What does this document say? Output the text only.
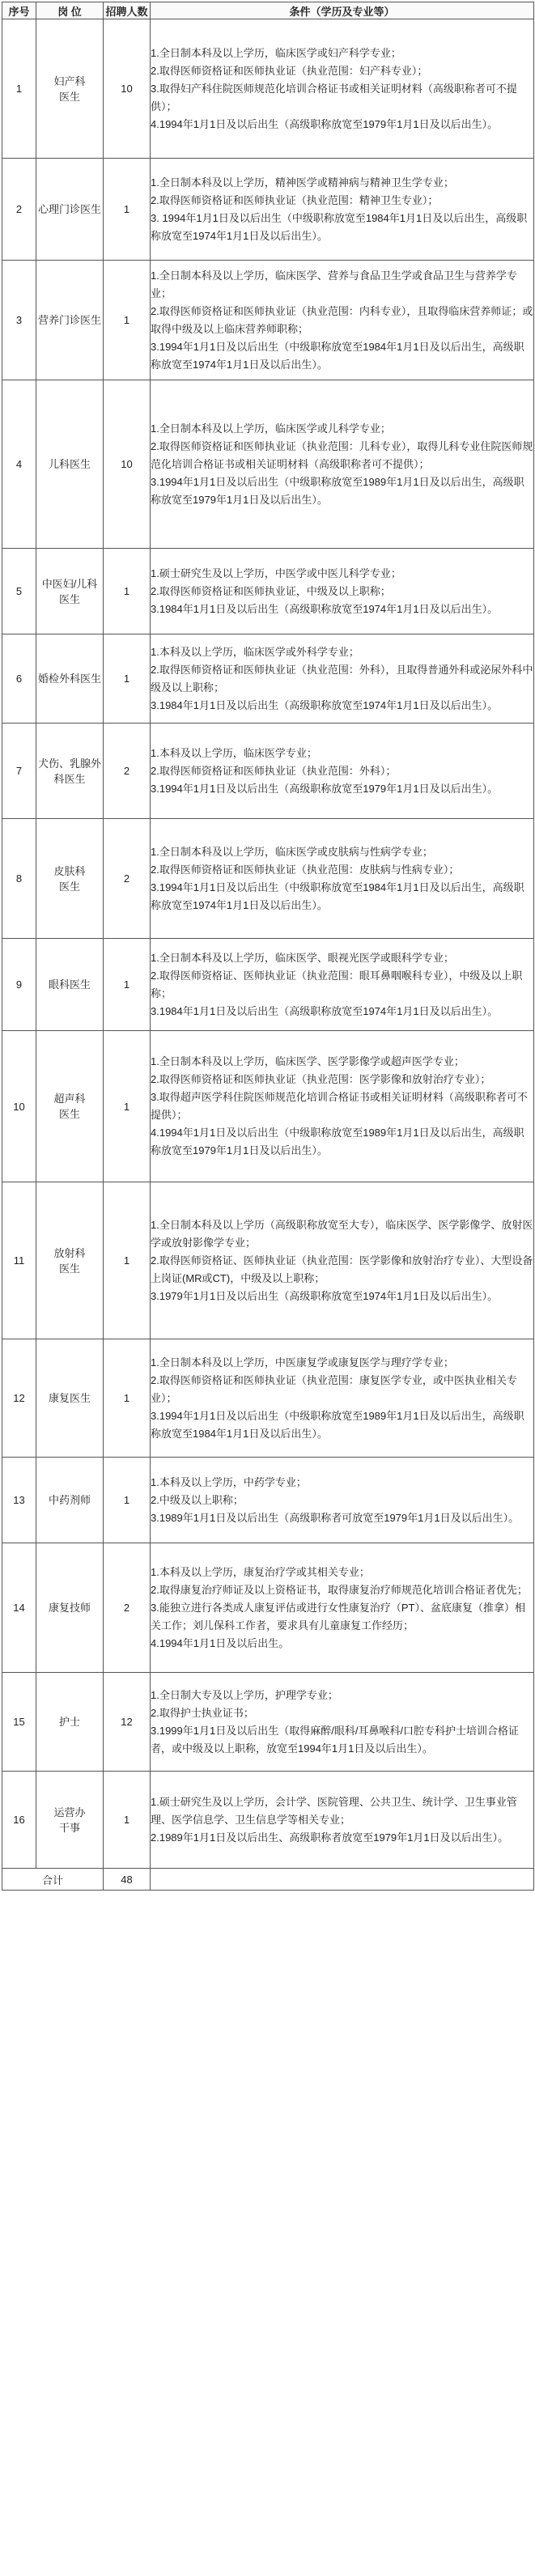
序号	岗 位	招聘人数	条件（学历及专业等）
1	妇产科
医生	10	1.全日制本科及以上学历，临床医学或妇产科学专业；
2.取得医师资格证和医师执业证（执业范围：妇产科专业）；
3.取得妇产科住院医师规范化培训合格证书或相关证明材料（高级职称者可不提供）；
4.1994年1月1日及以后出生（高级职称放宽至1979年1月1日及以后出生）。

2	心理门诊医生	1	1.全日制本科及以上学历，精神医学或精神病与精神卫生学专业；
2.取得医师资格证和医师执业证（执业范围：精神卫生专业）；
3. 1994年1月1日及以后出生（中级职称放宽至1984年1月1日及以后出生，高级职称放宽至1974年1月1日及以后出生）。

3	营养门诊医生	1	1.全日制本科及以上学历，临床医学、营养与食品卫生学或食品卫生与营养学专业；
2.取得医师资格证和医师执业证（执业范围：内科专业），且取得临床营养师证；或取得中级及以上临床营养师职称；
3.1994年1月1日及以后出生（中级职称放宽至1984年1月1日及以后出生，高级职称放宽至1974年1月1日及以后出生）。

4	儿科医生	10	1.全日制本科及以上学历，临床医学或儿科学专业；
2.取得医师资格证和医师执业证（执业范围：儿科专业），取得儿科专业住院医师规范化培训合格证书或相关证明材料（高级职称者可不提供）；
3.1994年1月1日及以后出生（中级职称放宽至1989年1月1日及以后出生，高级职称放宽至1979年1月1日及以后出生）。

5	中医妇/儿科
医生	1	1.硕士研究生及以上学历，中医学或中医儿科学专业；
2.取得医师资格证和医师执业证，中级及以上职称；
3.1984年1月1日及以后出生（高级职称放宽至1974年1月1日及以后出生）。

6	婚检外科医生	1	1.本科及以上学历，临床医学或外科学专业；
2.取得医师资格证和医师执业证（执业范围：外科），且取得普通外科或泌尿外科中级及以上职称；
3.1984年1月1日及以后出生（高级职称放宽至1974年1月1日及以后出生）。

7	犬伤、乳腺外
科医生	2	1.本科及以上学历，临床医学专业；
2.取得医师资格证和医师执业证（执业范围：外科）；
3.1994年1月1日及以后出生（高级职称放宽至1979年1月1日及以后出生）。

8	皮肤科
医生	2	1.全日制本科及以上学历，临床医学或皮肤病与性病学专业；
2.取得医师资格证和医师执业证（执业范围：皮肤病与性病专业）；
3.1994年1月1日及以后出生（中级职称放宽至1984年1月1日及以后出生，高级职称放宽至1974年1月1日及以后出生）。

9	眼科医生	1	1.全日制本科及以上学历，临床医学、眼视光医学或眼科学专业；
2.取得医师资格证、医师执业证（执业范围：眼耳鼻咽喉科专业），中级及以上职称；
3.1984年1月1日及以后出生（高级职称放宽至1974年1月1日及以后出生）。

10	超声科
医生	1	1.全日制本科及以上学历，临床医学、医学影像学或超声医学专业；
2.取得医师资格证和医师执业证（执业范围：医学影像和放射治疗专业）；
3.取得超声医学科住院医师规范化培训合格证书或相关证明材料（高级职称者可不提供）；
4.1994年1月1日及以后出生（中级职称放宽至1989年1月1日及以后出生，高级职称放宽至1979年1月1日及以后出生）。

11	放射科
医生	1	1.全日制本科及以上学历（高级职称放宽至大专），临床医学、医学影像学、放射医学或放射影像学专业；
2.取得医师资格证、医师执业证（执业范围：医学影像和放射治疗专业）、大型设备上岗证(MR或CT)，中级及以上职称；
3.1979年1月1日及以后出生（高级职称放宽至1974年1月1日及以后出生）。

12	康复医生	1	1.全日制本科及以上学历，中医康复学或康复医学与理疗学专业；
2.取得医师资格证和医师执业证（执业范围：康复医学专业，或中医执业相关专业）；
3.1994年1月1日及以后出生（中级职称放宽至1989年1月1日及以后出生，高级职称放宽至1984年1月1日及以后出生）。

13	中药剂师	1	1.本科及以上学历，中药学专业；
2.中级及以上职称；
3.1989年1月1日及以后出生（高级职称者可放宽至1979年1月1日及以后出生）。

14	康复技师	2	1.本科及以上学历，康复治疗学或其相关专业；
2.取得康复治疗师证及以上资格证书，取得康复治疗师规范化培训合格证者优先；
3.能独立进行各类成人康复评估或进行女性康复治疗（PT）、盆底康复（推拿）相关工作；刘儿保科工作者，要求具有儿童康复工作经历；
4.1994年1月1日及以后出生。

15	护士	12	1.全日制大专及以上学历，护理学专业；
2.取得护士执业证书；
3.1999年1月1日及以后出生（取得麻醉/眼科/耳鼻喉科/口腔专科护士培训合格证者，或中级及以上职称，放宽至1994年1月1日及以后出生）。

16	运营办
干事	1	1.硕士研究生及以上学历，会计学、医院管理、公共卫生、统计学、卫生事业管理、医学信息学、卫生信息学等相关专业；
2.1989年1月1日及以后出生、高级职称者放宽至1979年1月1日及以后出生）。

合计		48	
